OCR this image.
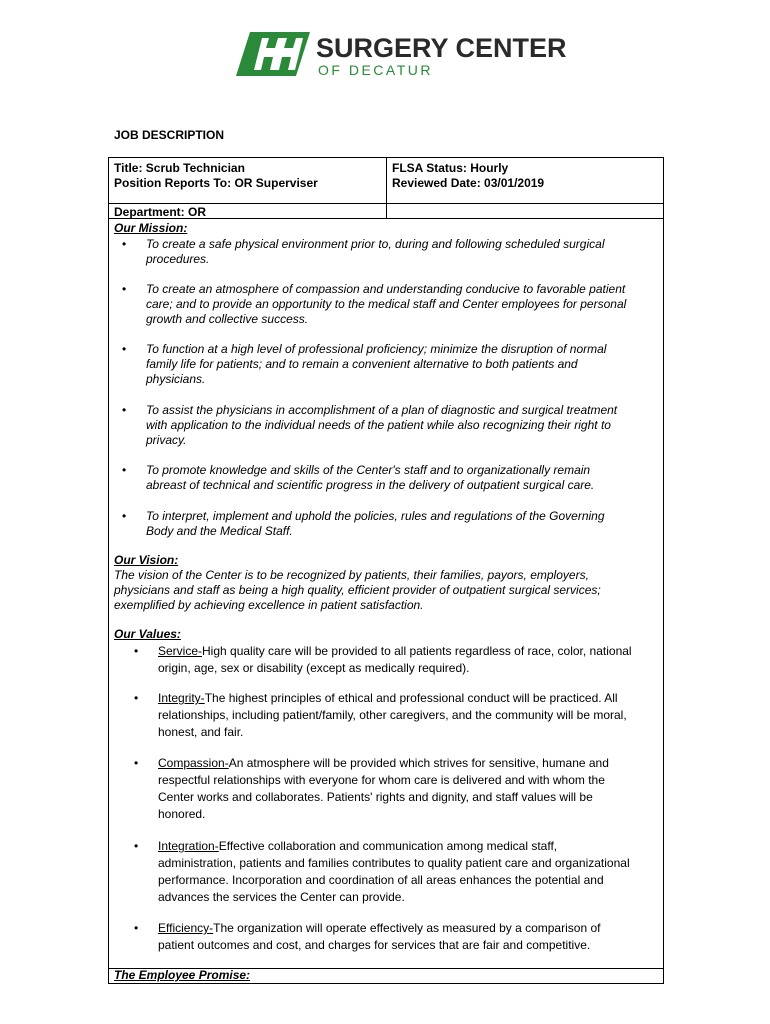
SURGERY CENTER
OF DECATUR
JOB DESCRIPTION
Title: Scrub Technician
Position Reports To: OR Superviser
FLSA Status: Hourly
Reviewed Date: 03/01/2019
Department: OR
Our Mission:
• To create a safe physical environment prior to, during and following scheduled surgical
procedures.
• To create an atmosphere of compassion and understanding conducive to favorable patient
care; and to provide an opportunity to the medical staff and Center employees for personal
growth and collective success.
• To function at a high level of professional proficiency; minimize the disruption of normal
family life for patients; and to remain a convenient alternative to both patients and
physicians.
• To assist the physicians in accomplishment of a plan of diagnostic and surgical treatment
with application to the individual needs of the patient while also recognizing their right to
privacy.
• To promote knowledge and skills of the Center's staff and to organizationally remain
abreast of technical and scientific progress in the delivery of outpatient surgical care.
• To interpret, implement and uphold the policies, rules and regulations of the Governing
Body and the Medical Staff.
Our Vision:
The vision of the Center is to be recognized by patients, their families, payors, employers,
physicians and staff as being a high quality, efficient provider of outpatient surgical services;
exemplified by achieving excellence in patient satisfaction.
Our Values:
• Service-High quality care will be provided to all patients regardless of race, color, national
origin, age, sex or disability (except as medically required).
• Integrity-The highest principles of ethical and professional conduct will be practiced. All
relationships, including patient/family, other caregivers, and the community will be moral,
honest, and fair.
• Compassion-An atmosphere will be provided which strives for sensitive, humane and
respectful relationships with everyone for whom care is delivered and with whom the
Center works and collaborates. Patients' rights and dignity, and staff values will be
honored.
• Integration-Effective collaboration and communication among medical staff,
administration, patients and families contributes to quality patient care and organizational
performance. Incorporation and coordination of all areas enhances the potential and
advances the services the Center can provide.
• Efficiency-The organization will operate effectively as measured by a comparison of
patient outcomes and cost, and charges for services that are fair and competitive.
The Employee Promise:
